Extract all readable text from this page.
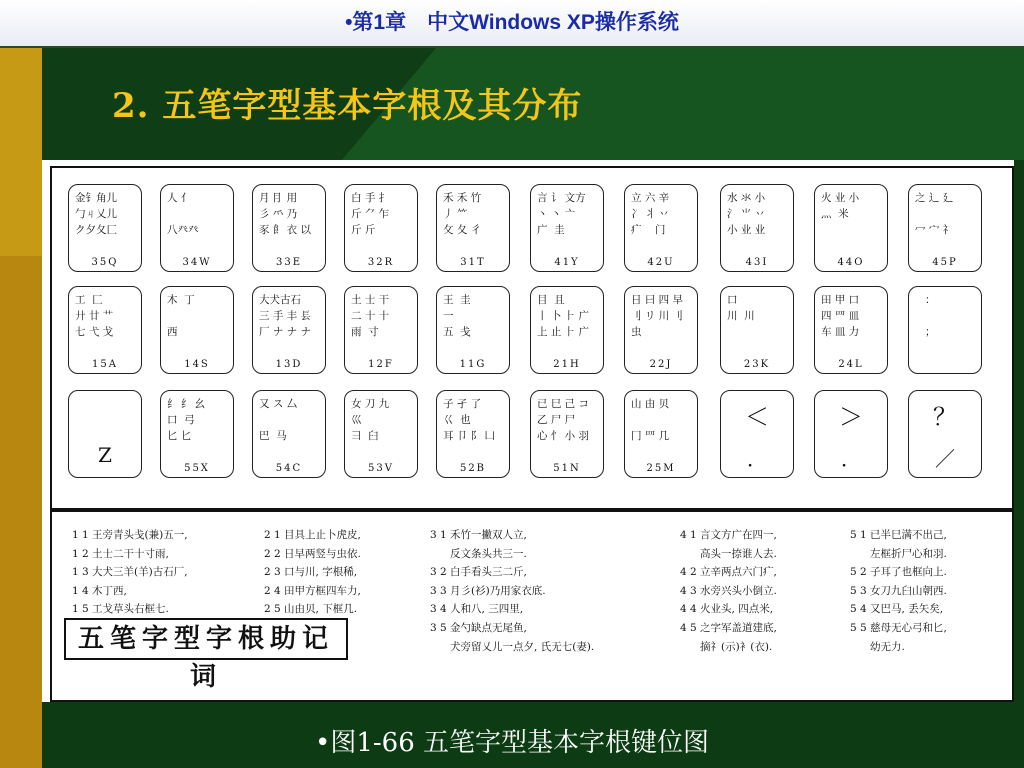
•第1章　中文Windows XP操作系统
2. 五笔字型基本字根及其分布
金钅角儿
勹ㄐ乂儿
ク夕夂匚
35Q
人 亻

八癶癶
34W
月 ⺝ 用
彡 ⺤ 乃
豕 ⻟ 衣 以
33E
白 手 扌
斤 ⺈ 乍
斤 斤
32R
禾 禾 竹
丿 ⺮
攵 夂 彳
31T
言 讠 文方
丶 丶 亠
广  圭
41Y
立 六 辛
冫 丬 丷
疒    门
42U
水 氺 小
氵 ⺌ 丷
小 业 业
43I
火 业 小
灬  米
44O
之 辶 廴

冖 宀 礻
45P
工  匚
廾 廿 艹
七 弋 戈
15A
木  丁

西
14S
大犬古石
三 手 丰 镸
厂 ナ ナ ナ
13D
土 士 干
二 十 十
雨  寸
12F
王  圭
一
五  戋
11G
目  且
丨 卜 ⺊ 广
上 止 ⺊ 广
21H
日 曰 四 早
刂 リ 川 刂
虫
22J
口
川  川
23K
田 甲 口
四 罒 皿
车 皿 力
24L
：

；
Z
纟 纟 幺
口  弓
匕 匕
55X
又 ス 厶

巴  马
54C
女 刀 九
巛
彐  臼
53V
子 孑 了
巜  也
耳 卩 阝 凵
52B
已 巳 己 コ
乙 尸 尸
心 忄 小 羽
51N
山 由 贝

冂 罒 几
25M
＜
．
＞
．
？
／
1 1 王旁青头戋(兼)五一,
1 2 土士二干十寸雨,
1 3 大犬三羊(羊)古石厂,
1 4 木丁西,
1 5 工戈草头右框七.
2 1 目具上止卜虎皮,
2 2 日早两竖与虫依.
2 3 口与川, 字根稀,
2 4 田甲方框四车力,
2 5 山由贝, 下框几.
3 1 禾竹一撇双人立,
反文条头共三一.
3 2 白手看头三二斤,
3 3 月彡(衫)乃用家衣底.
3 4 人和八, 三四里,
3 5 金勺缺点无尾鱼,
犬旁留乂儿一点夕, 氏无七(妻).
4 1 言文方广在四一,
高头一捺谁人去.
4 2 立辛两点六门疒,
4 3 水旁兴头小倒立.
4 4 火业头, 四点米,
4 5 之字军盖道建底,
摘礻(示)衤(衣).
5 1 已半巳满不出己,
左框折尸心和羽.
5 2 子耳了也框向上.
5 3 女刀九臼山朝西.
5 4 又巴马, 丢矢矣,
5 5 慈母无心弓和匕,
幼无力.
五笔字型字根助记词
•图1-66 五笔字型基本字根键位图
